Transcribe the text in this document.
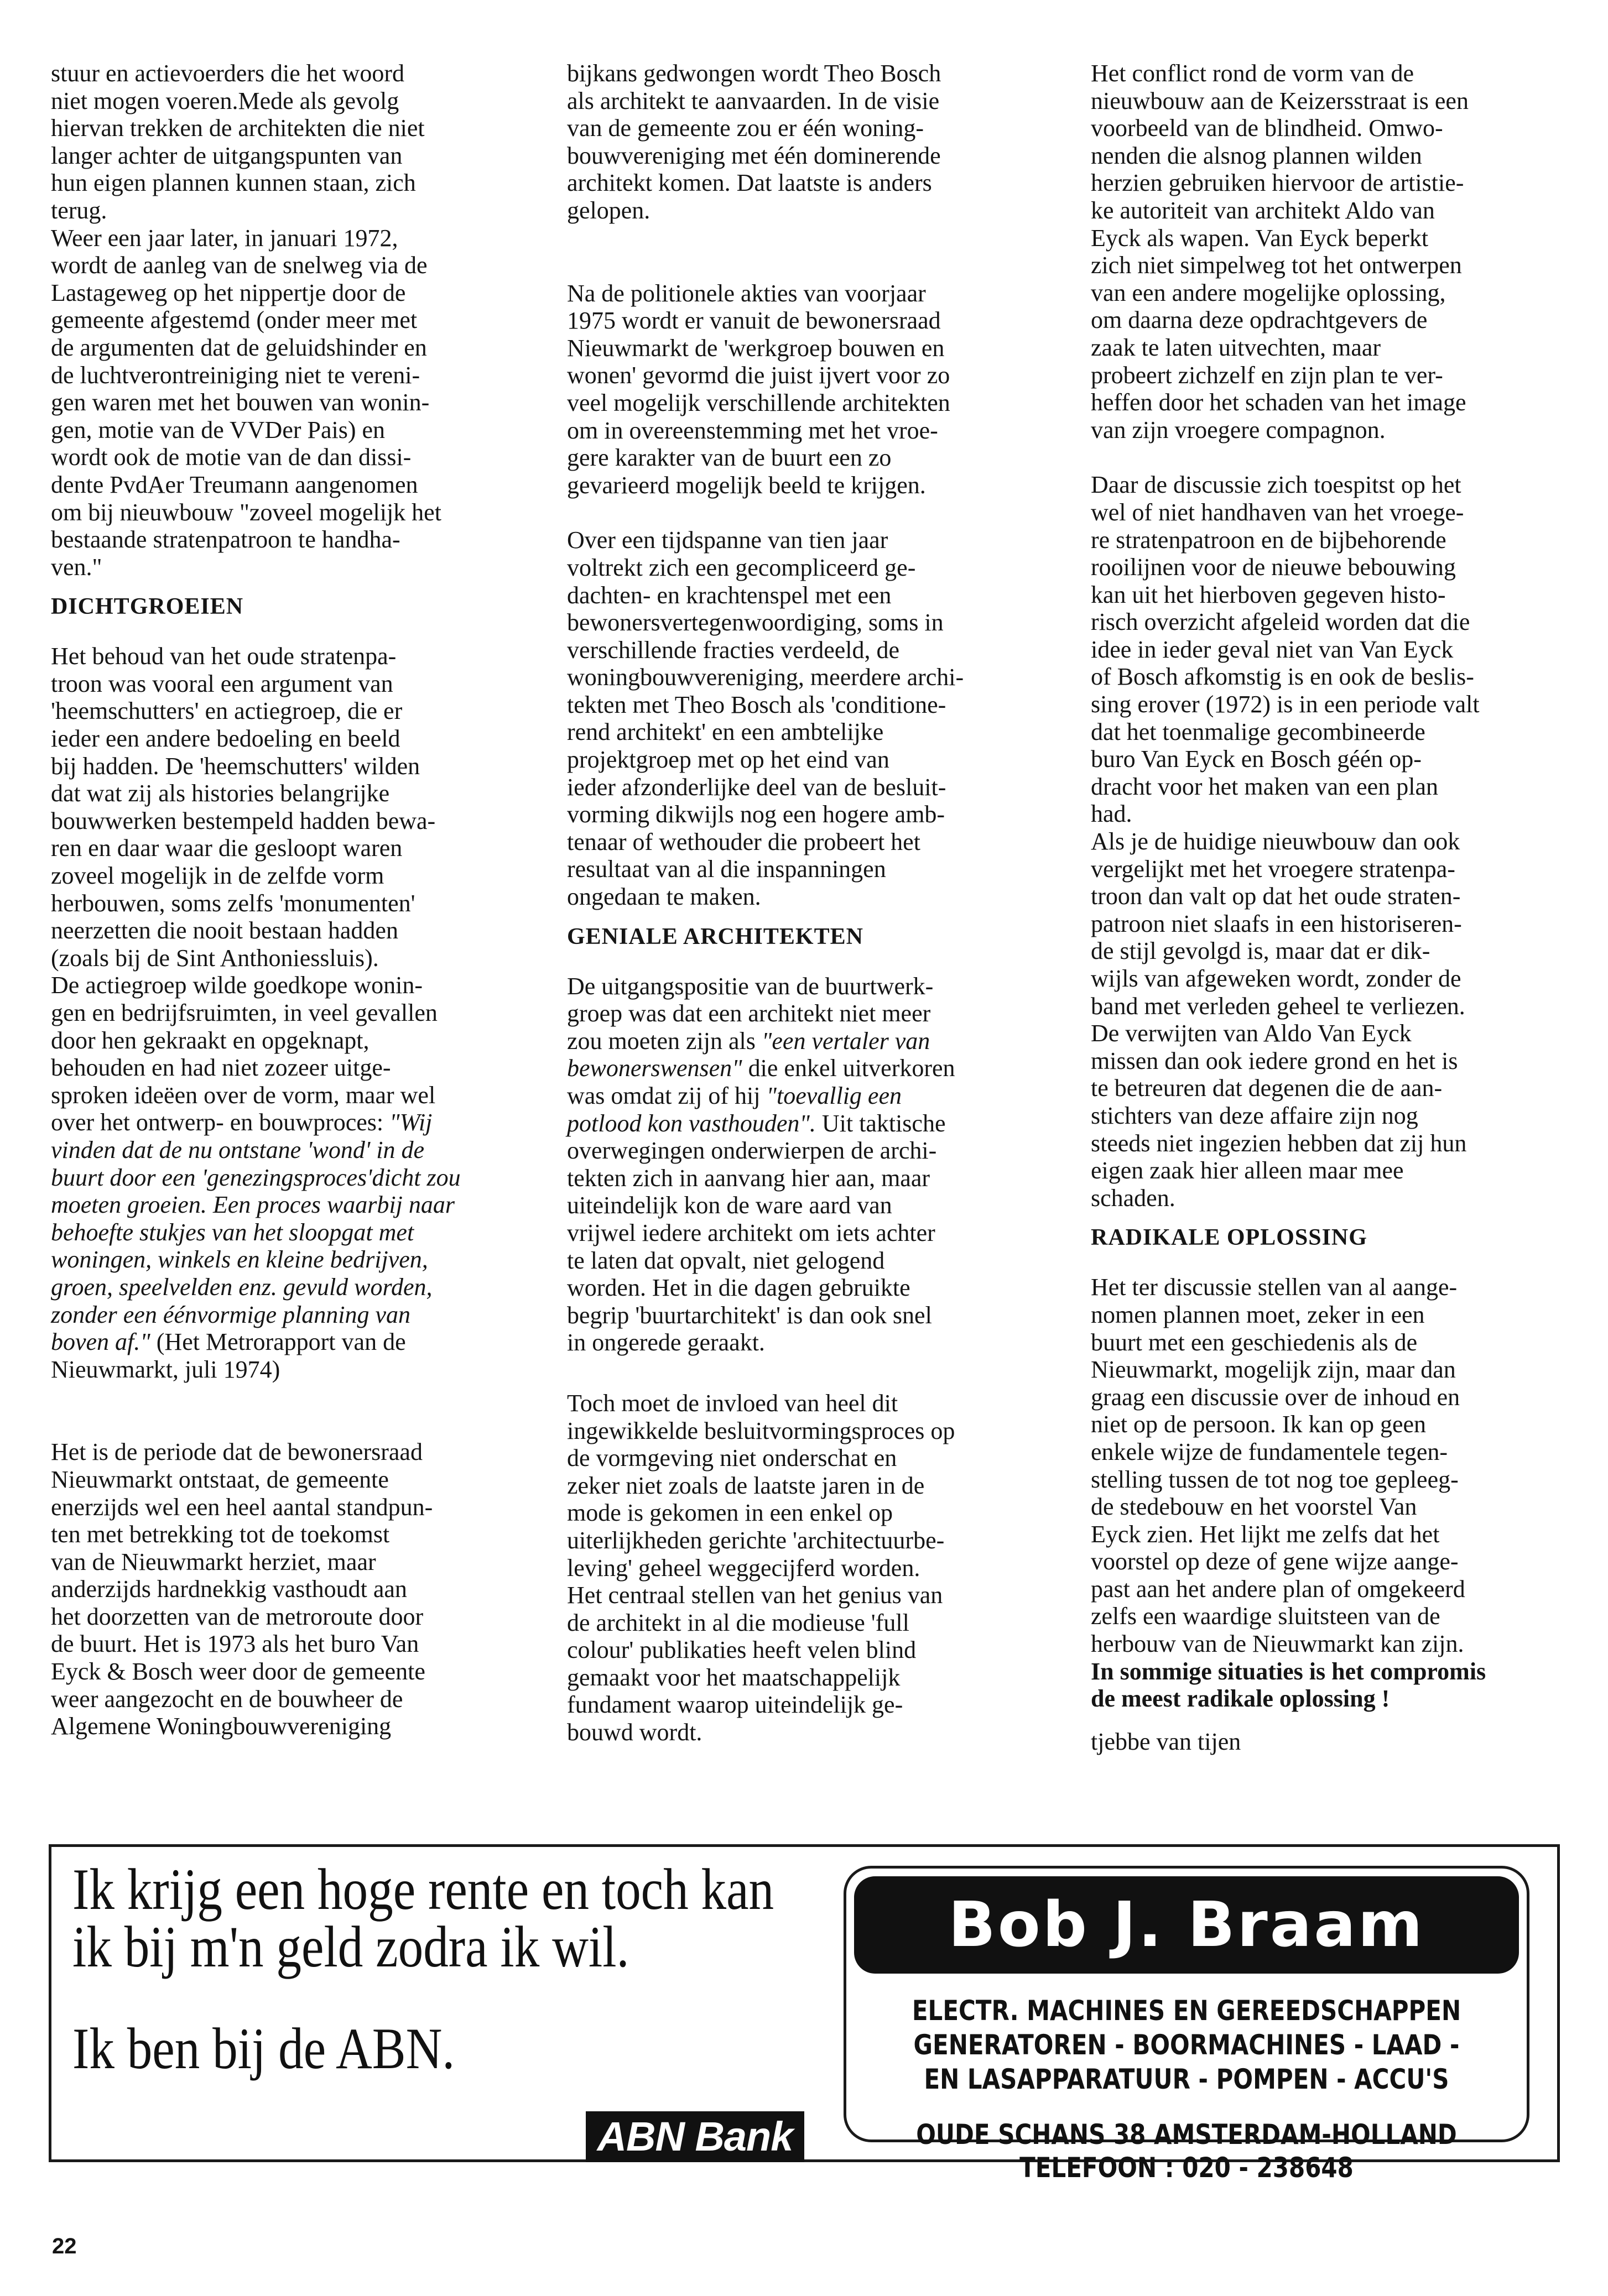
stuur en actievoerders die het woord
niet mogen voeren.Mede als gevolg
hiervan trekken de architekten die niet
langer achter de uitgangspunten van
hun eigen plannen kunnen staan, zich
terug.
Weer een jaar later, in januari 1972,
wordt de aanleg van de snelweg via de
Lastageweg op het nippertje door de
gemeente afgestemd (onder meer met
de argumenten dat de geluidshinder en
de luchtverontreiniging niet te vereni-
gen waren met het bouwen van wonin-
gen, motie van de VVDer Pais) en
wordt ook de motie van de dan dissi-
dente PvdAer Treumann aangenomen
om bij nieuwbouw "zoveel mogelijk het
bestaande stratenpatroon te handha-
ven."
DICHTGROEIEN
Het behoud van het oude stratenpa-
troon was vooral een argument van
'heemschutters' en actiegroep, die er
ieder een andere bedoeling en beeld
bij hadden. De 'heemschutters' wilden
dat wat zij als histories belangrijke
bouwwerken bestempeld hadden bewa-
ren en daar waar die gesloopt waren
zoveel mogelijk in de zelfde vorm
herbouwen, soms zelfs 'monumenten'
neerzetten die nooit bestaan hadden
(zoals bij de Sint Anthoniessluis).
De actiegroep wilde goedkope wonin-
gen en bedrijfsruimten, in veel gevallen
door hen gekraakt en opgeknapt,
behouden en had niet zozeer uitge-
sproken ideëen over de vorm, maar wel
over het ontwerp- en bouwproces: "Wij
vinden dat de nu ontstane 'wond' in de
buurt door een 'genezingsproces'dicht zou
moeten groeien. Een proces waarbij naar
behoefte stukjes van het sloopgat met
woningen, winkels en kleine bedrijven,
groen, speelvelden enz. gevuld worden,
zonder een éénvormige planning van
boven af." (Het Metrorapport van de
Nieuwmarkt, juli 1974)
Het is de periode dat de bewonersraad
Nieuwmarkt ontstaat, de gemeente
enerzijds wel een heel aantal standpun-
ten met betrekking tot de toekomst
van de Nieuwmarkt herziet, maar
anderzijds hardnekkig vasthoudt aan
het doorzetten van de metroroute door
de buurt. Het is 1973 als het buro Van
Eyck & Bosch weer door de gemeente
weer aangezocht en de bouwheer de
Algemene Woningbouwvereniging
bijkans gedwongen wordt Theo Bosch
als architekt te aanvaarden. In de visie
van de gemeente zou er één woning-
bouwvereniging met één dominerende
architekt komen. Dat laatste is anders
gelopen.
Na de politionele akties van voorjaar
1975 wordt er vanuit de bewonersraad
Nieuwmarkt de 'werkgroep bouwen en
wonen' gevormd die juist ijvert voor zo
veel mogelijk verschillende architekten
om in overeenstemming met het vroe-
gere karakter van de buurt een zo
gevarieerd mogelijk beeld te krijgen.
Over een tijdspanne van tien jaar
voltrekt zich een gecompliceerd ge-
dachten- en krachtenspel met een
bewonersvertegenwoordiging, soms in
verschillende fracties verdeeld, de
woningbouwvereniging, meerdere archi-
tekten met Theo Bosch als 'conditione-
rend architekt' en een ambtelijke
projektgroep met op het eind van
ieder afzonderlijke deel van de besluit-
vorming dikwijls nog een hogere amb-
tenaar of wethouder die probeert het
resultaat van al die inspanningen
ongedaan te maken.
GENIALE ARCHITEKTEN
De uitgangspositie van de buurtwerk-
groep was dat een architekt niet meer
zou moeten zijn als "een vertaler van
bewonerswensen" die enkel uitverkoren
was omdat zij of hij "toevallig een
potlood kon vasthouden". Uit taktische
overwegingen onderwierpen de archi-
tekten zich in aanvang hier aan, maar
uiteindelijk kon de ware aard van
vrijwel iedere architekt om iets achter
te laten dat opvalt, niet gelogend
worden. Het in die dagen gebruikte
begrip 'buurtarchitekt' is dan ook snel
in ongerede geraakt.
Toch moet de invloed van heel dit
ingewikkelde besluitvormingsproces op
de vormgeving niet onderschat en
zeker niet zoals de laatste jaren in de
mode is gekomen in een enkel op
uiterlijkheden gerichte 'architectuurbe-
leving' geheel weggecijferd worden.
Het centraal stellen van het genius van
de architekt in al die modieuse 'full
colour' publikaties heeft velen blind
gemaakt voor het maatschappelijk
fundament waarop uiteindelijk ge-
bouwd wordt.
Het conflict rond de vorm van de
nieuwbouw aan de Keizersstraat is een
voorbeeld van de blindheid. Omwo-
nenden die alsnog plannen wilden
herzien gebruiken hiervoor de artistie-
ke autoriteit van architekt Aldo van
Eyck als wapen. Van Eyck beperkt
zich niet simpelweg tot het ontwerpen
van een andere mogelijke oplossing,
om daarna deze opdrachtgevers de
zaak te laten uitvechten, maar
probeert zichzelf en zijn plan te ver-
heffen door het schaden van het image
van zijn vroegere compagnon.
Daar de discussie zich toespitst op het
wel of niet handhaven van het vroege-
re stratenpatroon en de bijbehorende
rooilijnen voor de nieuwe bebouwing
kan uit het hierboven gegeven histo-
risch overzicht afgeleid worden dat die
idee in ieder geval niet van Van Eyck
of Bosch afkomstig is en ook de beslis-
sing erover (1972) is in een periode valt
dat het toenmalige gecombineerde
buro Van Eyck en Bosch géén op-
dracht voor het maken van een plan
had.
Als je de huidige nieuwbouw dan ook
vergelijkt met het vroegere stratenpa-
troon dan valt op dat het oude straten-
patroon niet slaafs in een historiseren-
de stijl gevolgd is, maar dat er dik-
wijls van afgeweken wordt, zonder de
band met verleden geheel te verliezen.
De verwijten van Aldo Van Eyck
missen dan ook iedere grond en het is
te betreuren dat degenen die de aan-
stichters van deze affaire zijn nog
steeds niet ingezien hebben dat zij hun
eigen zaak hier alleen maar mee
schaden.
RADIKALE OPLOSSING
Het ter discussie stellen van al aange-
nomen plannen moet, zeker in een
buurt met een geschiedenis als de
Nieuwmarkt, mogelijk zijn, maar dan
graag een discussie over de inhoud en
niet op de persoon. Ik kan op geen
enkele wijze de fundamentele tegen-
stelling tussen de tot nog toe gepleeg-
de stedebouw en het voorstel Van
Eyck zien. Het lijkt me zelfs dat het
voorstel op deze of gene wijze aange-
past aan het andere plan of omgekeerd
zelfs een waardige sluitsteen van de
herbouw van de Nieuwmarkt kan zijn.
In sommige situaties is het compromis
de meest radikale oplossing !
tjebbe van tijen
Ik krijg een hoge rente en toch kan
ik bij m'n geld zodra ik wil.
Ik ben bij de ABN.
ABN Bank
Bob J. Braam
ELECTR. MACHINES EN GEREEDSCHAPPEN
GENERATOREN - BOORMACHINES - LAAD -
EN LASAPPARATUUR - POMPEN - ACCU'S
OUDE SCHANS 38 AMSTERDAM-HOLLAND
TELEFOON : 020 - 238648
22
